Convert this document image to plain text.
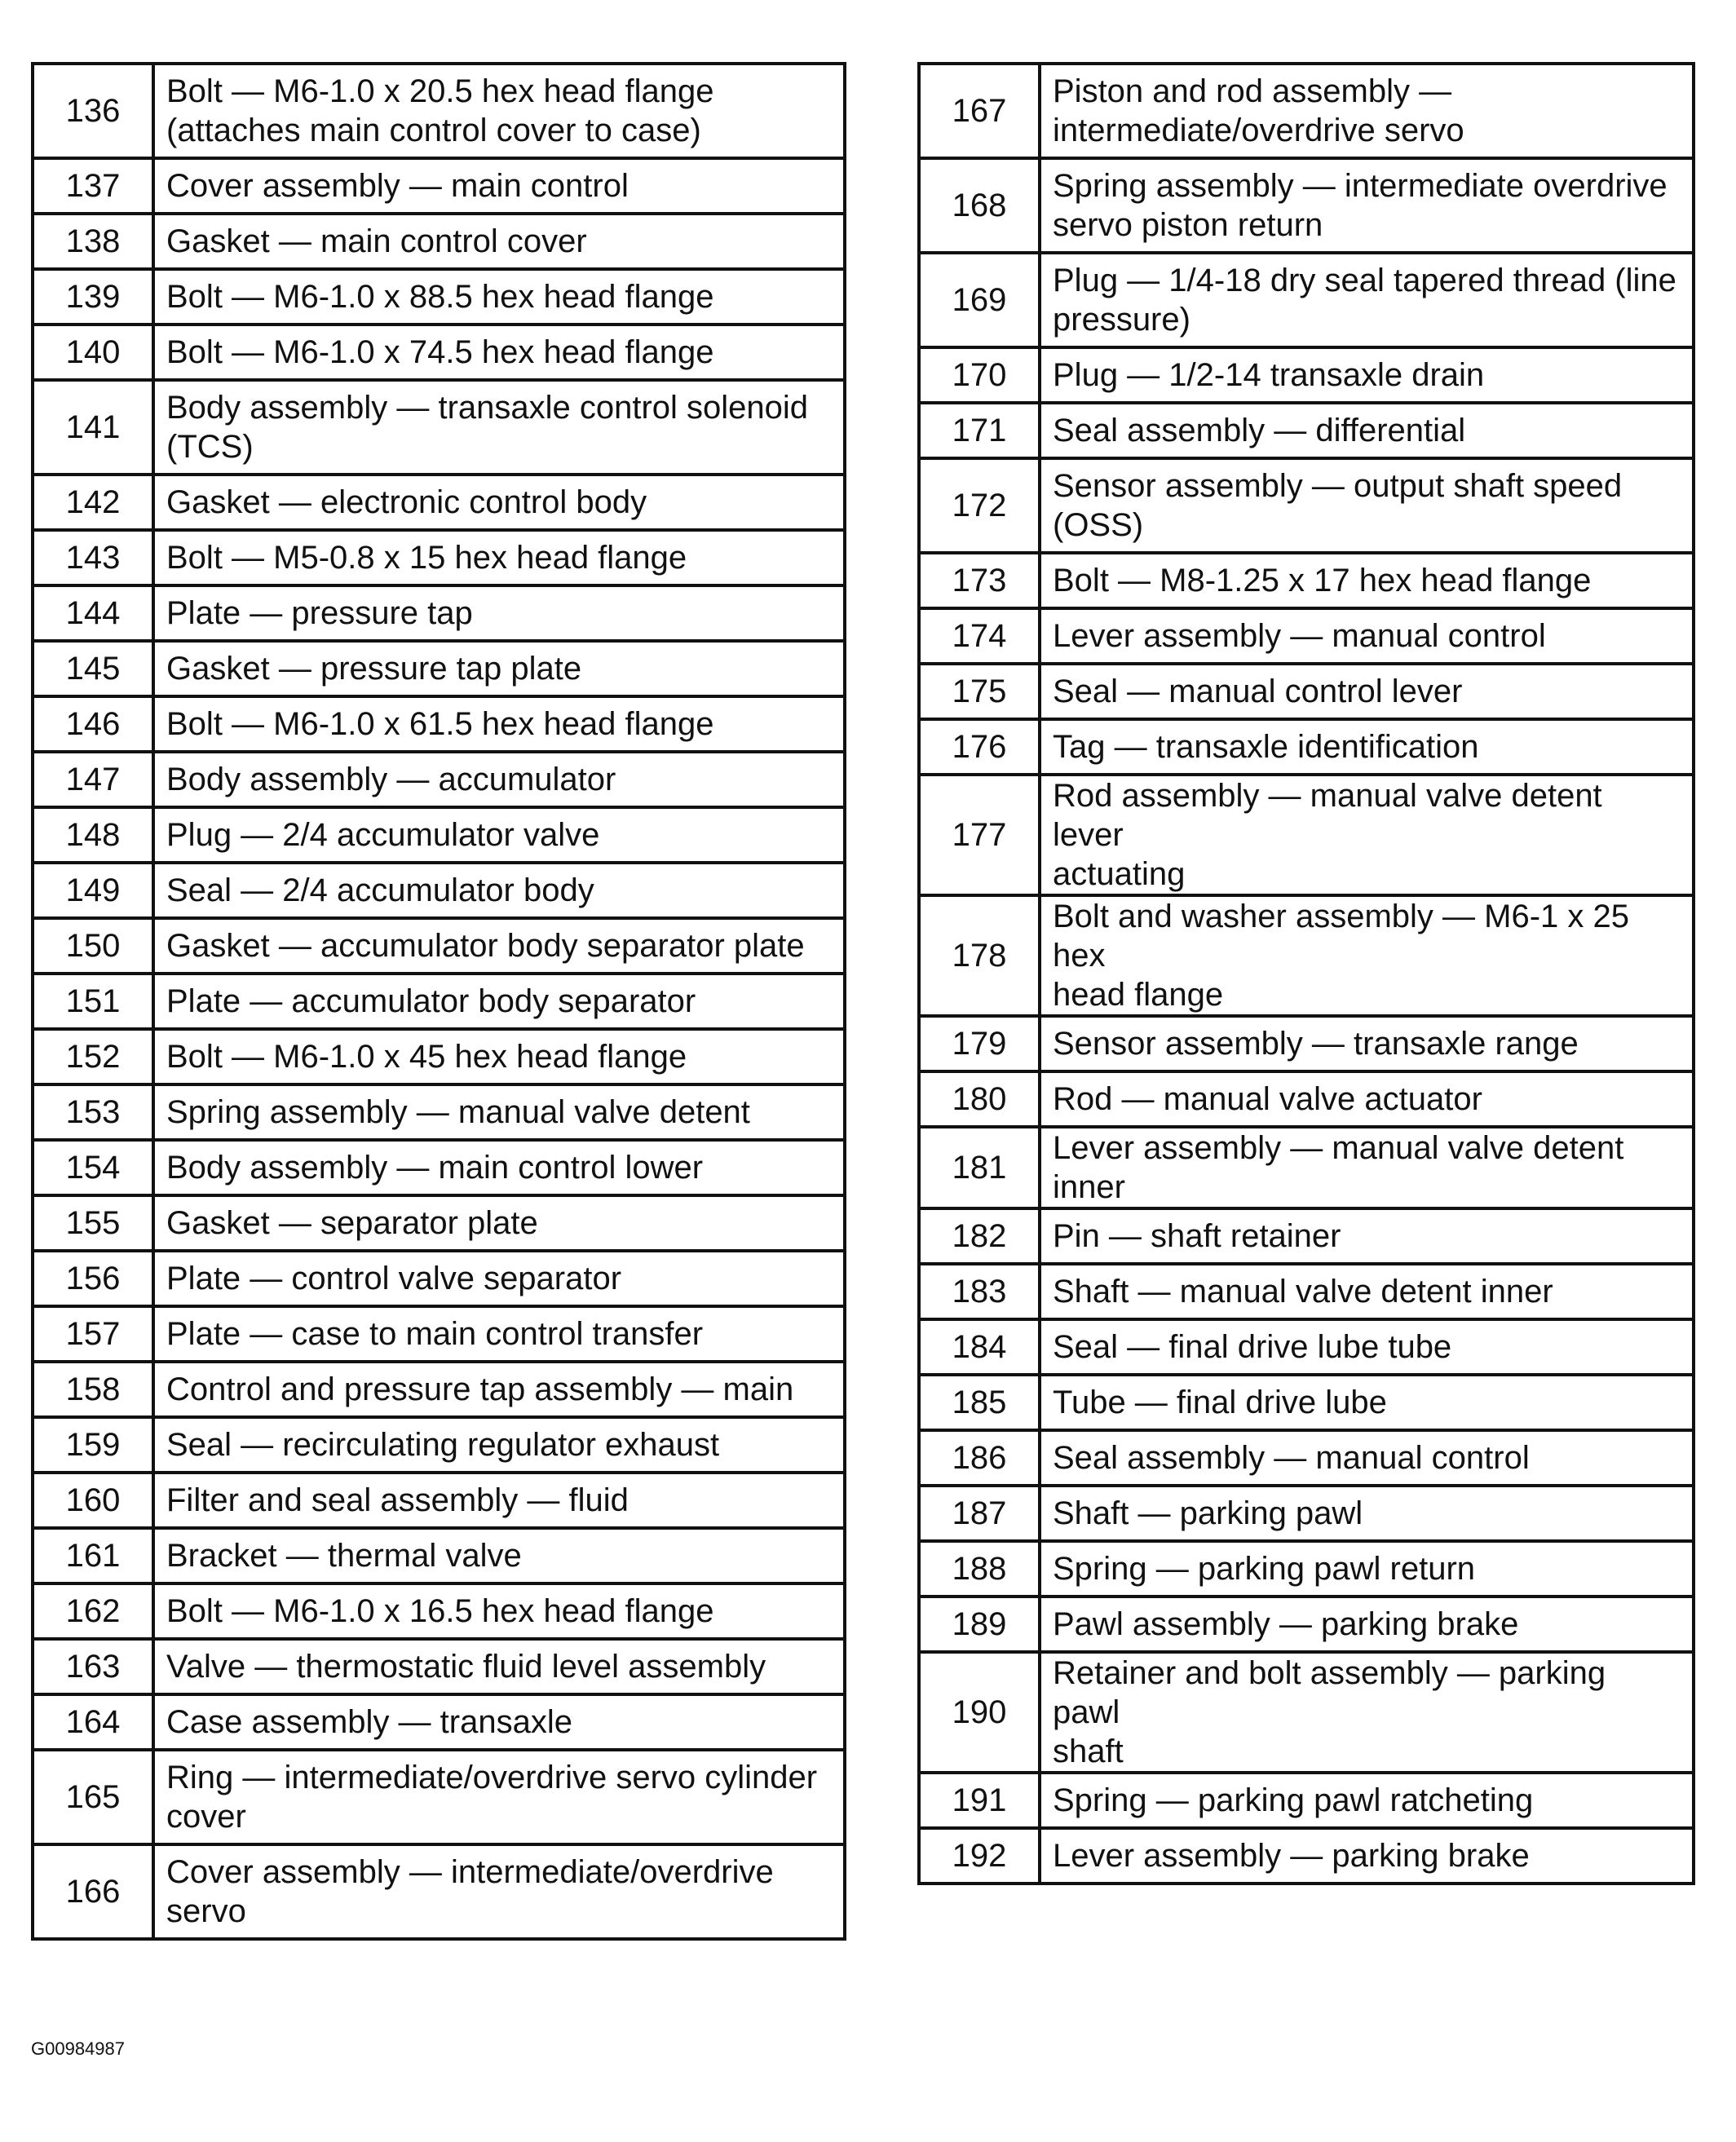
136	Bolt — M6-1.0 x 20.5 hex head flange
(attaches main control cover to case)
137	Cover assembly — main control
138	Gasket — main control cover
139	Bolt — M6-1.0 x 88.5 hex head flange
140	Bolt — M6-1.0 x 74.5 hex head flange
141	Body assembly — transaxle control solenoid
(TCS)
142	Gasket — electronic control body
143	Bolt — M5-0.8 x 15 hex head flange
144	Plate — pressure tap
145	Gasket — pressure tap plate
146	Bolt — M6-1.0 x 61.5 hex head flange
147	Body assembly — accumulator
148	Plug — 2/4 accumulator valve
149	Seal — 2/4 accumulator body
150	Gasket — accumulator body separator plate
151	Plate — accumulator body separator
152	Bolt — M6-1.0 x 45 hex head flange
153	Spring assembly — manual valve detent
154	Body assembly — main control lower
155	Gasket — separator plate
156	Plate — control valve separator
157	Plate — case to main control transfer
158	Control and pressure tap assembly — main
159	Seal — recirculating regulator exhaust
160	Filter and seal assembly — fluid
161	Bracket — thermal valve
162	Bolt — M6-1.0 x 16.5 hex head flange
163	Valve — thermostatic fluid level assembly
164	Case assembly — transaxle
165	Ring — intermediate/overdrive servo cylinder
cover
166	Cover assembly — intermediate/overdrive
servo
167	Piston and rod assembly —
intermediate/overdrive servo
168	Spring assembly — intermediate overdrive
servo piston return
169	Plug — 1/4-18 dry seal tapered thread (line
pressure)
170	Plug — 1/2-14 transaxle drain
171	Seal assembly — differential
172	Sensor assembly — output shaft speed
(OSS)
173	Bolt — M8-1.25 x 17 hex head flange
174	Lever assembly — manual control
175	Seal — manual control lever
176	Tag — transaxle identification
177	Rod assembly — manual valve detent lever
actuating
178	Bolt and washer assembly — M6-1 x 25 hex
head flange
179	Sensor assembly — transaxle range
180	Rod — manual valve actuator
181	Lever assembly — manual valve detent inner
182	Pin — shaft retainer
183	Shaft — manual valve detent inner
184	Seal — final drive lube tube
185	Tube — final drive lube
186	Seal assembly — manual control
187	Shaft — parking pawl
188	Spring — parking pawl return
189	Pawl assembly — parking brake
190	Retainer and bolt assembly — parking pawl
shaft
191	Spring — parking pawl ratcheting
192	Lever assembly — parking brake
G00984987
